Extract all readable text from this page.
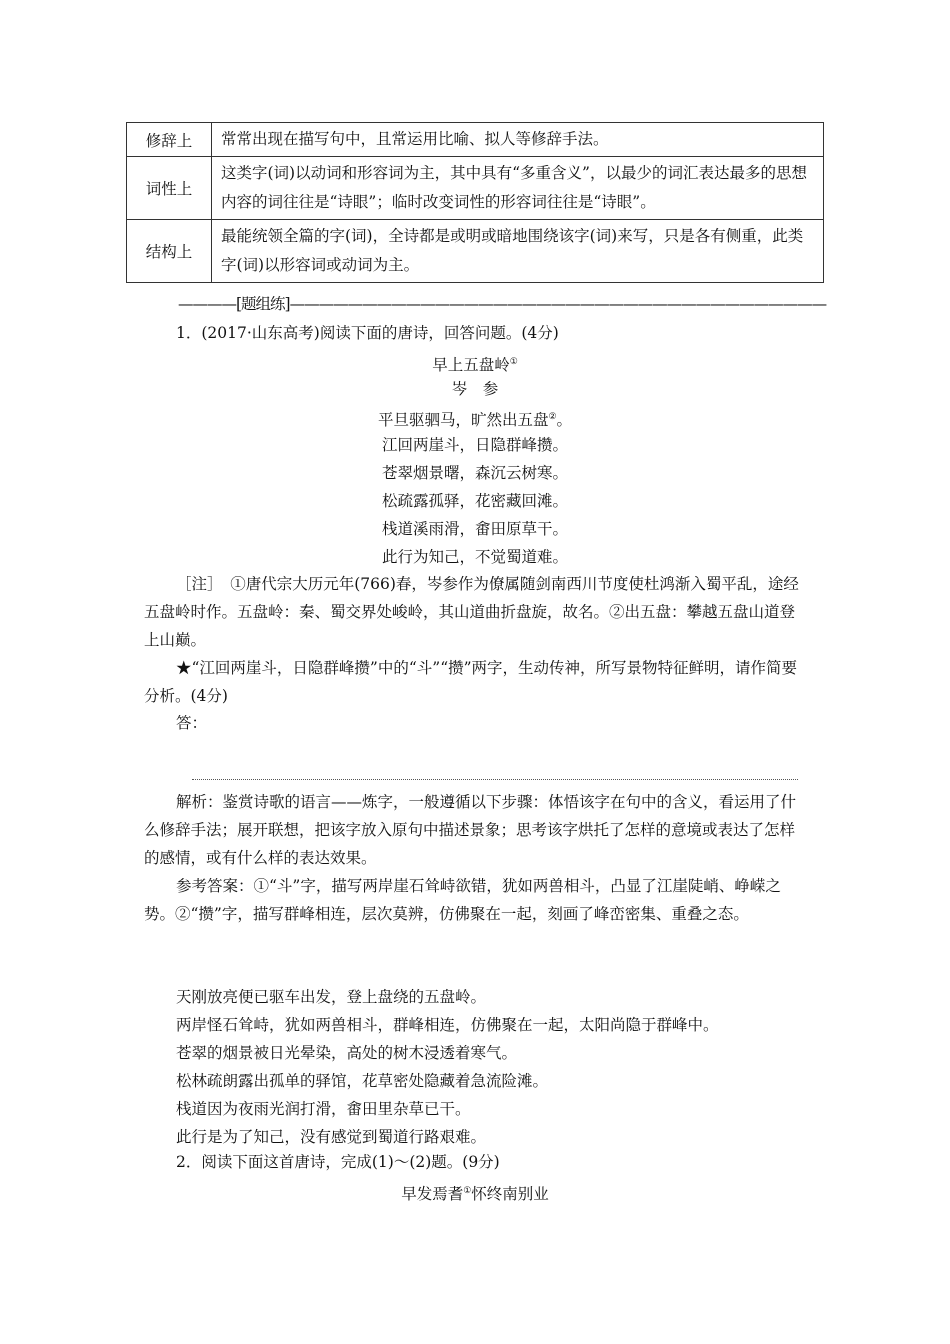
修辞上	常常出现在描写句中，且常运用比喻、拟人等修辞手法。
词性上	这类字(词)以动词和形容词为主，其中具有“多重含义”，以最少的词汇表达最多的思想内容的词往往是“诗眼”；临时改变词性的形容词往往是“诗眼”。
结构上	最能统领全篇的字(词)，全诗都是或明或暗地围绕该字(词)来写，只是各有侧重，此类字(词)以形容词或动词为主。
————[题组练]—————————————————————————————————————
1．(2017·山东高考)阅读下面的唐诗，回答问题。(4分)
早上五盘岭①
岑　参
平旦驱驷马，旷然出五盘②。
江回两崖斗，日隐群峰攒。
苍翠烟景曙，森沉云树寒。
松疏露孤驿，花密藏回滩。
栈道溪雨滑，畬田原草干。
此行为知己，不觉蜀道难。
［注］　①唐代宗大历元年(766)春，岑参作为僚属随剑南西川节度使杜鸿渐入蜀平乱，途经五盘岭时作。五盘岭：秦、蜀交界处峻岭，其山道曲折盘旋，故名。②出五盘：攀越五盘山道登上山巅。
★“江回两崖斗，日隐群峰攒”中的“斗”“攒”两字，生动传神，所写景物特征鲜明，请作简要分析。(4分)
答：
解析：鉴赏诗歌的语言——炼字，一般遵循以下步骤：体悟该字在句中的含义，看运用了什么修辞手法；展开联想，把该字放入原句中描述景象；思考该字烘托了怎样的意境或表达了怎样的感情，或有什么样的表达效果。
参考答案：①“斗”字，描写两岸崖石耸峙欲错，犹如两兽相斗，凸显了江崖陡峭、峥嵘之势。②“攒”字，描写群峰相连，层次莫辨，仿佛聚在一起，刻画了峰峦密集、重叠之态。
天刚放亮便已驱车出发，登上盘绕的五盘岭。
两岸怪石耸峙，犹如两兽相斗，群峰相连，仿佛聚在一起，太阳尚隐于群峰中。
苍翠的烟景被日光晕染，高处的树木浸透着寒气。
松林疏朗露出孤单的驿馆，花草密处隐藏着急流险滩。
栈道因为夜雨光润打滑，畬田里杂草已干。
此行是为了知己，没有感觉到蜀道行路艰难。
2．阅读下面这首唐诗，完成(1)～(2)题。(9分)
早发焉耆①怀终南别业
